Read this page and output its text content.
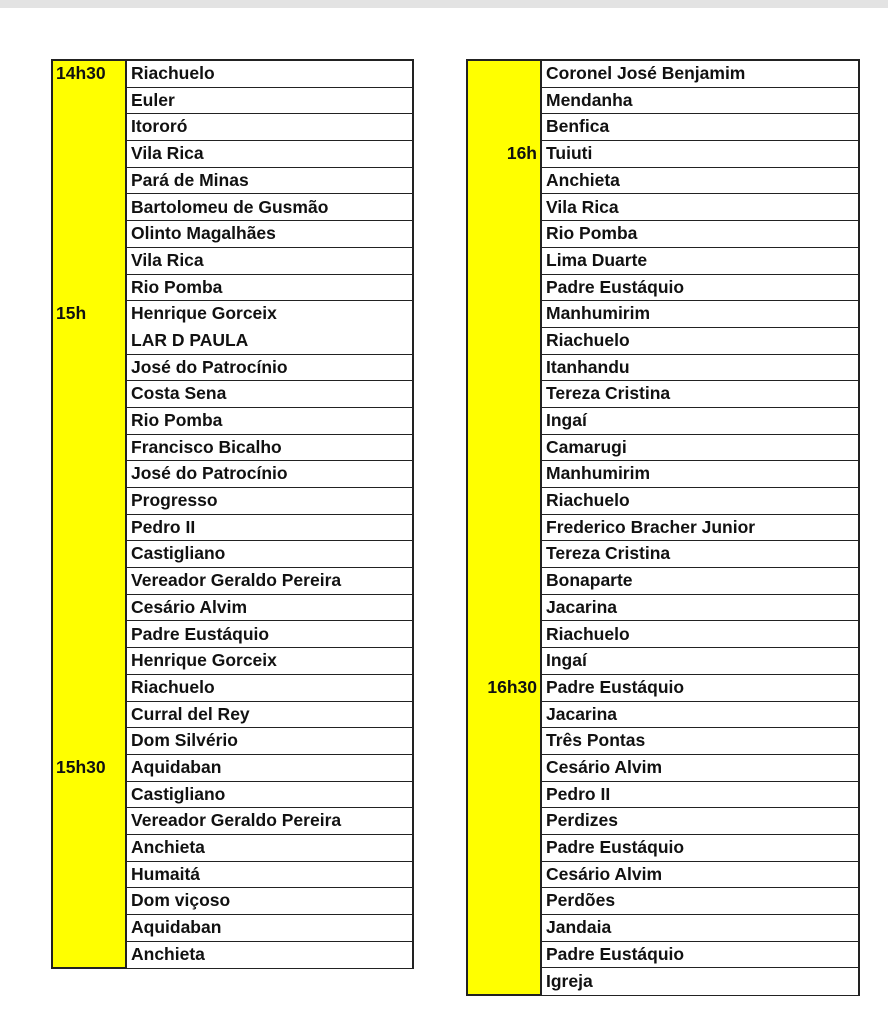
14h30	Riachuelo
	Euler
	Itororó
	Vila Rica
	Pará de Minas
	Bartolomeu de Gusmão
	Olinto Magalhães
	Vila Rica
	Rio Pomba
15h	Henrique Gorceix
	LAR D PAULA
	José do Patrocínio
	Costa Sena
	Rio Pomba
	Francisco Bicalho
	José do Patrocínio
	Progresso
	Pedro II
	Castigliano
	Vereador Geraldo Pereira
	Cesário Alvim
	Padre Eustáquio
	Henrique Gorceix
	Riachuelo
	Curral del Rey
	Dom Silvério
15h30	Aquidaban
	Castigliano
	Vereador Geraldo Pereira
	Anchieta
	Humaitá
	Dom viçoso
	Aquidaban
	Anchieta
	Coronel José Benjamim
	Mendanha
	Benfica
16h	Tuiuti
	Anchieta
	Vila Rica
	Rio Pomba
	Lima Duarte
	Padre Eustáquio
	Manhumirim
	Riachuelo
	Itanhandu
	Tereza Cristina
	Ingaí
	Camarugi
	Manhumirim
	Riachuelo
	Frederico Bracher Junior
	Tereza Cristina
	Bonaparte
	Jacarina
	Riachuelo
	Ingaí
16h30	Padre Eustáquio
	Jacarina
	Três Pontas
	Cesário Alvim
	Pedro II
	Perdizes
	Padre Eustáquio
	Cesário Alvim
	Perdões
	Jandaia
	Padre Eustáquio
	Igreja
